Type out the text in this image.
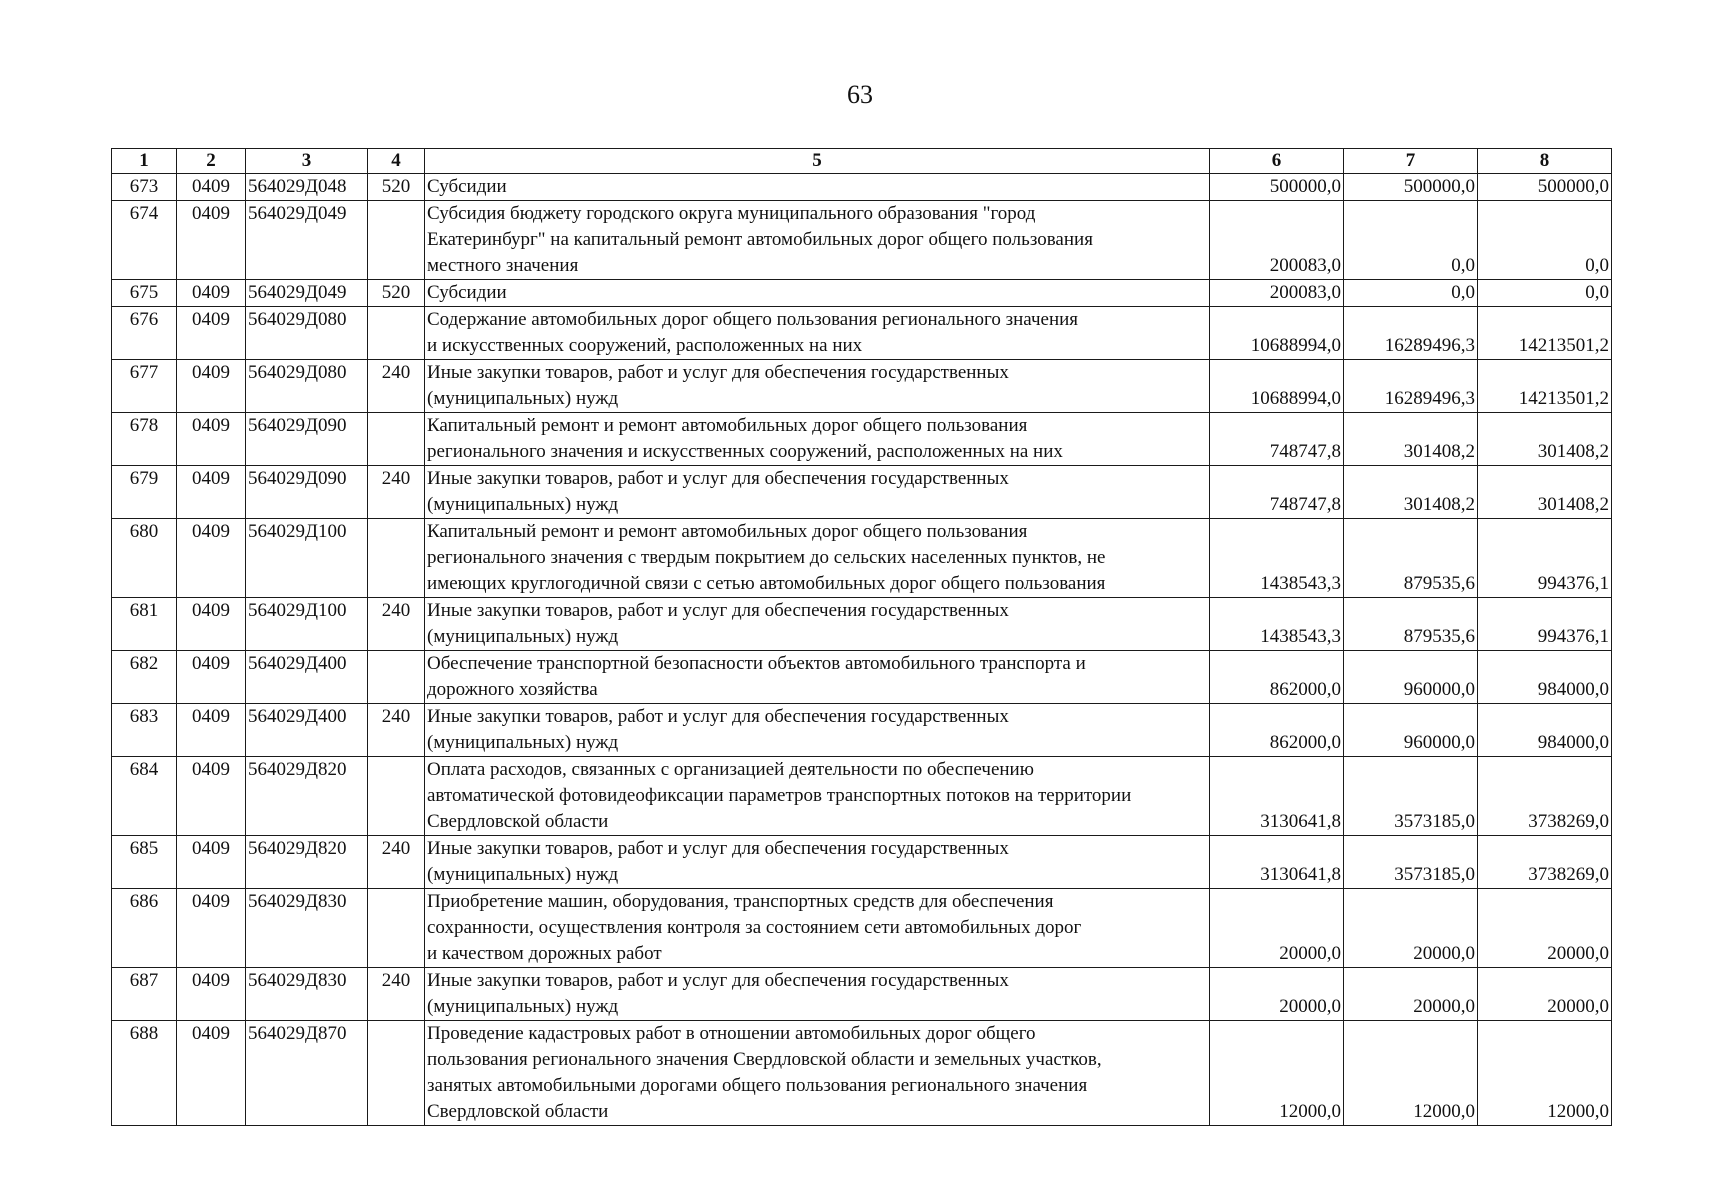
63
1	2	3	4	5	6	7	8
673	0409	564029Д048	520	Субсидии	500000,0	500000,0	500000,0
674	0409	564029Д049		Субсидия бюджету городского округа муниципального образования "город
Екатеринбург" на капитальный ремонт автомобильных дорог общего пользования
местного значения	200083,0	0,0	0,0
675	0409	564029Д049	520	Субсидии	200083,0	0,0	0,0
676	0409	564029Д080		Содержание автомобильных дорог общего пользования регионального значения
и искусственных сооружений, расположенных на них	10688994,0	16289496,3	14213501,2
677	0409	564029Д080	240	Иные закупки товаров, работ и услуг для обеспечения государственных
(муниципальных) нужд	10688994,0	16289496,3	14213501,2
678	0409	564029Д090		Капитальный ремонт и ремонт автомобильных дорог общего пользования
регионального значения и искусственных сооружений, расположенных на них	748747,8	301408,2	301408,2
679	0409	564029Д090	240	Иные закупки товаров, работ и услуг для обеспечения государственных
(муниципальных) нужд	748747,8	301408,2	301408,2
680	0409	564029Д100		Капитальный ремонт и ремонт автомобильных дорог общего пользования
регионального значения с твердым покрытием до сельских населенных пунктов, не
имеющих круглогодичной связи с сетью автомобильных дорог общего пользования	1438543,3	879535,6	994376,1
681	0409	564029Д100	240	Иные закупки товаров, работ и услуг для обеспечения государственных
(муниципальных) нужд	1438543,3	879535,6	994376,1
682	0409	564029Д400		Обеспечение транспортной безопасности объектов автомобильного транспорта и
дорожного хозяйства	862000,0	960000,0	984000,0
683	0409	564029Д400	240	Иные закупки товаров, работ и услуг для обеспечения государственных
(муниципальных) нужд	862000,0	960000,0	984000,0
684	0409	564029Д820		Оплата расходов, связанных с организацией деятельности по обеспечению
автоматической фотовидеофиксации параметров транспортных потоков на территории
Свердловской области	3130641,8	3573185,0	3738269,0
685	0409	564029Д820	240	Иные закупки товаров, работ и услуг для обеспечения государственных
(муниципальных) нужд	3130641,8	3573185,0	3738269,0
686	0409	564029Д830		Приобретение машин, оборудования, транспортных средств для обеспечения
сохранности, осуществления контроля за состоянием сети автомобильных дорог
и качеством дорожных работ	20000,0	20000,0	20000,0
687	0409	564029Д830	240	Иные закупки товаров, работ и услуг для обеспечения государственных
(муниципальных) нужд	20000,0	20000,0	20000,0
688	0409	564029Д870		Проведение кадастровых работ в отношении автомобильных дорог общего
пользования регионального значения Свердловской области и земельных участков,
занятых автомобильными дорогами общего пользования регионального значения
Свердловской области	12000,0	12000,0	12000,0
